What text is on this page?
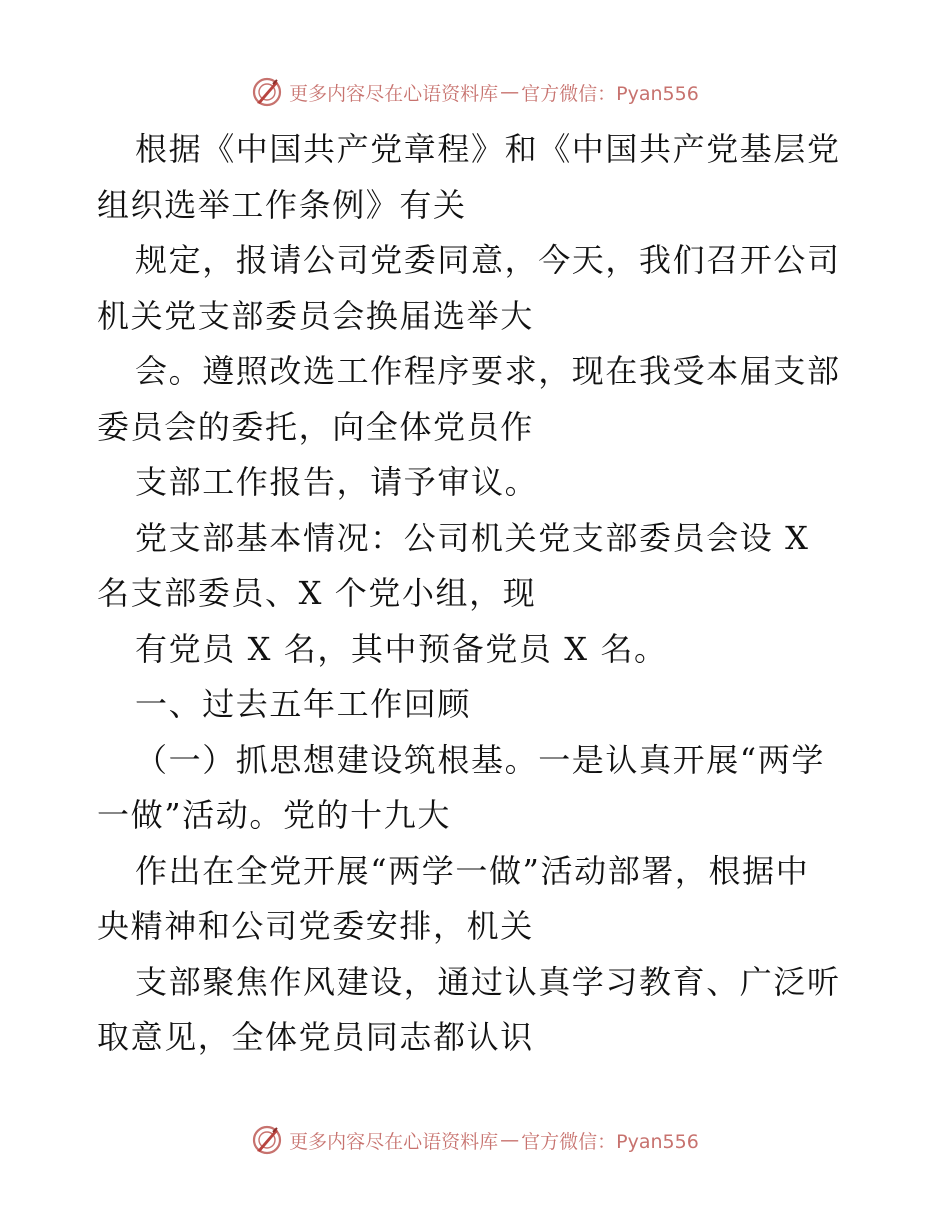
更多内容尽在心语资料库 — 官方微信：Pyan556
根据《中国共产党章程》和《中国共产党基层党
组织选举工作条例》有关
规定，报请公司党委同意，今天，我们召开公司
机关党支部委员会换届选举大
会。遵照改选工作程序要求，现在我受本届支部
委员会的委托，向全体党员作
支部工作报告，请予审议。
党支部基本情况：公司机关党支部委员会设 X
名支部委员、X 个党小组，现
有党员 X 名，其中预备党员 X 名。
一、过去五年工作回顾
（一）抓思想建设筑根基。一是认真开展“两学
一做”活动。党的十九大
作出在全党开展“两学一做”活动部署，根据中
央精神和公司党委安排，机关
支部聚焦作风建设，通过认真学习教育、广泛听
取意见，全体党员同志都认识
更多内容尽在心语资料库 — 官方微信：Pyan556
